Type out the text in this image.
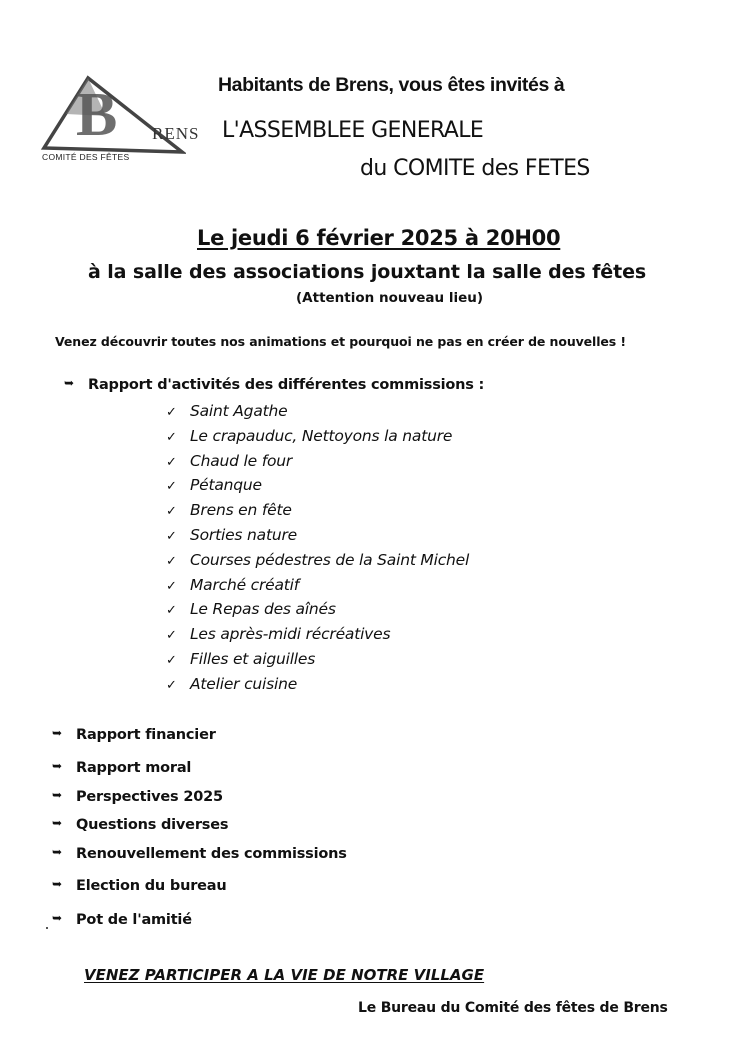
B RENS
COMITÉ DES FÊTES
Habitants de Brens, vous êtes invités à
L'ASSEMBLEE GENERALE
du COMITE des FETES
Le jeudi 6 février 2025 à 20H00
à la salle des associations jouxtant la salle des fêtes
(Attention nouveau lieu)
Venez découvrir toutes nos animations et pourquoi ne pas en créer de nouvelles !
➥ Rapport d'activités des différentes commissions :
✓ Saint Agathe
✓ Le crapauduc, Nettoyons la nature
✓ Chaud le four
✓ Pétanque
✓ Brens en fête
✓ Sorties nature
✓ Courses pédestres de la Saint Michel
✓ Marché créatif
✓ Le Repas des aînés
✓ Les après-midi récréatives
✓ Filles et aiguilles
✓ Atelier cuisine
➥ Rapport financier
➥ Rapport moral
➥ Perspectives 2025
➥ Questions diverses
➥ Renouvellement des commissions
➥ Election du bureau
➥ Pot de l'amitié
VENEZ PARTICIPER A LA VIE DE NOTRE VILLAGE
Le Bureau du Comité des fêtes de Brens
